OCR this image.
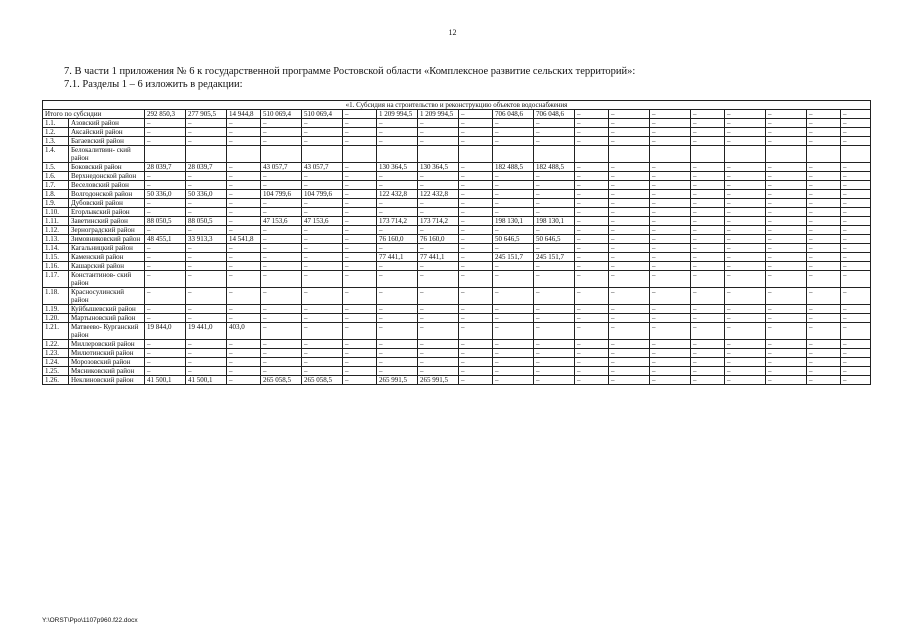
12
7. В части 1 приложения № 6 к государственной программе Ростовской области «Комплексное развитие сельских территорий»:
7.1. Разделы 1 – 6 изложить в редакции:
«1. Субсидия на строительство и реконструкцию объектов водоснабжения																				
Итого по субсидии		292 850,3	277 905,5	14 944,8	510 069,4	510 069,4	–	1 209 994,5	1 209 994,5	–	706 048,6	706 048,6	–	–	–	–	–	–	–	–
1.1.	Азовский район	–	–	–	–	–	–	–	–	–	–	–	–	–	–	–	–	–	–	–
1.2.	Аксайский район	–	–	–	–	–	–	–	–	–	–	–	–	–	–	–	–	–	–	–
1.3.	Багаевский район	–	–	–	–	–	–	–	–	–	–	–	–	–	–	–	–	–	–	–
1.4.	Белокалитвин- ский район																			
1.5.	Боковский район	28 039,7	28 039,7	–	43 057,7	43 057,7	–	130 364,5	130 364,5	–	182 488,5	182 488,5	–	–	–	–	–	–	–	–
1.6.	Верхнедонской район	–	–	–	–	–	–	–	–	–	–	–	–	–	–	–	–	–	–	–
1.7.	Веселовский район	–	–	–	–	–	–	–	–	–	–	–	–	–	–	–	–	–	–	–
1.8.	Волгодонской район	50 336,0	50 336,0	–	104 799,6	104 799,6	–	122 432,8	122 432,8	–	–	–	–	–	–	–	–	–	–	–
1.9.	Дубовский район	–	–	–	–	–	–	–	–	–	–	–	–	–	–	–	–	–	–	–
1.10.	Егорлыкский район	–	–	–	–	–	–	–	–	–	–	–	–	–	–	–	–	–	–	–
1.11.	Заветинский район	88 050,5	88 050,5	–	47 153,6	47 153,6	–	173 714,2	173 714,2	–	198 130,1	198 130,1	–	–	–	–	–	–	–	–
1.12.	Зерноградский район	–	–	–	–	–	–	–	–	–	–	–	–	–	–	–	–	–	–	–
1.13.	Зимовниковский район	48 455,1	33 913,3	14 541,8	–	–	–	76 160,0	76 160,0	–	50 646,5	50 646,5	–	–	–	–	–	–	–	–
1.14.	Кагальницкий район	–	–	–	–	–	–	–	–	–	–	–	–	–	–	–	–	–	–	–
1.15.	Каменский район	–	–	–	–	–	–	77 441,1	77 441,1	–	245 151,7	245 151,7	–	–	–	–	–	–	–	–
1.16.	Кашарский район	–	–	–	–	–	–	–	–	–	–	–	–	–	–	–	–	–	–	–
1.17.	Константинов- ский район	–	–	–	–	–	–	–	–	–	–	–	–	–	–	–	–	–	–	–
1.18.	Красносулинский район	–	–	–	–	–	–	–	–	–	–	–	–	–	–	–	–	–	–	–
1.19.	Куйбышевский район	–	–	–	–	–	–	–	–	–	–	–	–	–	–	–	–	–	–	–
1.20.	Мартыновский район	–	–	–	–	–	–	–	–	–	–	–	–	–	–	–	–	–	–	–
1.21.	Матвеево- Курганский район	19 844,0	19 441,0	403,0	–	–	–	–	–	–	–	–	–	–	–	–	–	–	–	–
1.22.	Миллеровский район	–	–	–	–	–	–	–	–	–	–	–	–	–	–	–	–	–	–	–
1.23.	Милютинский район	–	–	–	–	–	–	–	–	–	–	–	–	–	–	–	–	–	–	–
1.24.	Морозовский район	–	–	–	–	–	–	–	–	–	–	–	–	–	–	–	–	–	–	–
1.25.	Мясниковский район	–	–	–	–	–	–	–	–	–	–	–	–	–	–	–	–	–	–	–
1.26.	Неклиновский район	41 500,1	41 500,1	–	265 058,5	265 058,5	–	265 991,5	265 991,5	–	–	–	–	–	–	–	–	–	–	–
Y:\ORST\Ppo\1107p960.f22.docx
